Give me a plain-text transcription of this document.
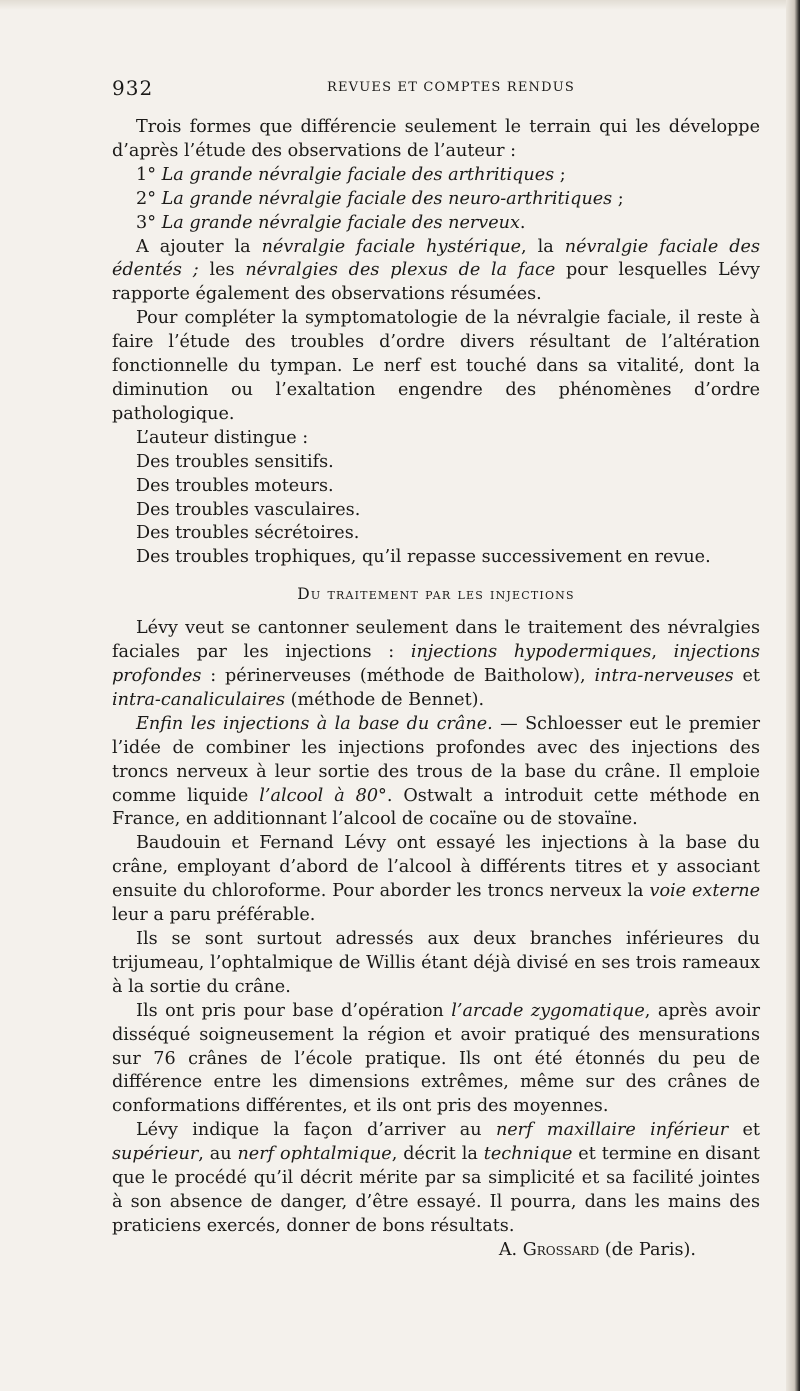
932	REVUES ET COMPTES RENDUS

Trois formes que différencie seulement le terrain qui les développe d’après l’étude des observations de l’auteur :

1° La grande névralgie faciale des arthritiques ;

2° La grande névralgie faciale des neuro-arthritiques ;

3° La grande névralgie faciale des nerveux.

A ajouter la névralgie faciale hystérique, la névralgie faciale des édentés ; les névralgies des plexus de la face pour lesquelles Lévy rapporte également des observations résumées.

Pour compléter la symptomatologie de la névralgie faciale, il reste à faire l’étude des troubles d’ordre divers résultant de l’altération fonctionnelle du tympan. Le nerf est touché dans sa vitalité, dont la diminution ou l’exaltation engendre des phénomènes d’ordre pathologique.

L’auteur distingue :

Des troubles sensitifs.

Des troubles moteurs.

Des troubles vasculaires.

Des troubles sécrétoires.

Des troubles trophiques, qu’il repasse successivement en revue.

Du traitement par les injections

Lévy veut se cantonner seulement dans le traitement des névralgies faciales par les injections : injections hypodermiques, injections profondes : périnerveuses (méthode de Baitholow), intra-nerveuses et intra-canaliculaires (méthode de Bennet).

Enfin les injections à la base du crâne. — Schloesser eut le premier l’idée de combiner les injections profondes avec des injections des troncs nerveux à leur sortie des trous de la base du crâne. Il emploie comme liquide l’alcool à 80°. Ostwalt a introduit cette méthode en France, en additionnant l’alcool de cocaïne ou de stovaïne.

Baudouin et Fernand Lévy ont essayé les injections à la base du crâne, employant d’abord de l’alcool à différents titres et y associant ensuite du chloroforme. Pour aborder les troncs nerveux la voie externe leur a paru préférable.

Ils se sont surtout adressés aux deux branches inférieures du trijumeau, l’ophtalmique de Willis étant déjà divisé en ses trois rameaux à la sortie du crâne.

Ils ont pris pour base d’opération l’arcade zygomatique, après avoir disséqué soigneusement la région et avoir pratiqué des mensurations sur 76 crânes de l’école pratique. Ils ont été étonnés du peu de différence entre les dimensions extrêmes, même sur des crânes de conformations différentes, et ils ont pris des moyennes.

Lévy indique la façon d’arriver au nerf maxillaire inférieur et supérieur, au nerf ophtalmique, décrit la technique et termine en disant que le procédé qu’il décrit mérite par sa simplicité et sa facilité jointes à son absence de danger, d’être essayé. Il pourra, dans les mains des praticiens exercés, donner de bons résultats.

A. Grossard (de Paris).
